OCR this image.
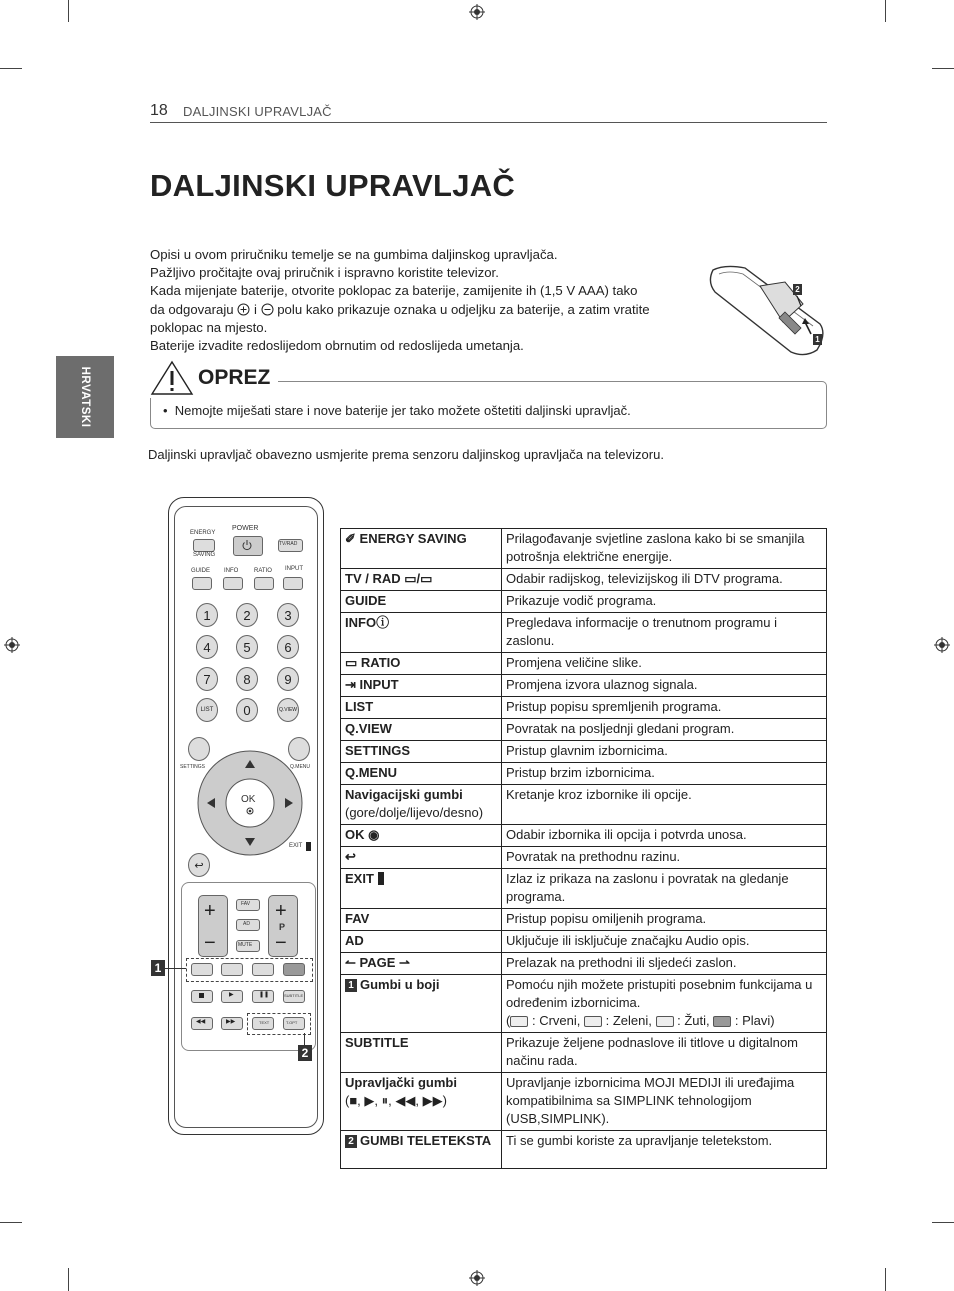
18 DALJINSKI UPRAVLJAČ
DALJINSKI UPRAVLJAČ
HRVATSKI

Opisi u ovom priručniku temelje se na gumbima daljinskog upravljača.

Pažljivo pročitajte ovaj priručnik i ispravno koristite televizor.

Kada mijenjate baterije, otvorite poklopac za baterije, zamijenite ih (1,5 V AAA) tako

da odgovaraju i polu kako prikazuje oznaka u odjeljku za baterije, a zatim vratite

poklopac na mjesto.

Baterije izvadite redoslijedom obrnutim od redoslijeda umetanja.

2
1
OPREZ
•  Nemojte miješati stare i nove baterije jer tako možete oštetiti daljinski upravljač.
Daljinski upravljač obavezno usmjerite prema senzoru daljinskog upravljača na televizoru.
ENERGY
SAVING
POWER
TV/RAD
GUIDE INFO	RATIO INPUT
1	2	3
4	5	6
7	8	9
LIST	0	Q.VIEW
SETTINGS	Q.MENU
OK
↩
EXIT
+
−
+
P
−
FAV
AD
MUTE
1
▶	❚❚	SUBTITLE
◀◀	▶▶	TEXT	T.OPT
2
✐ ENERGY SAVING	Prilagođavanje svjetline zaslona kako bi se smanjila potrošnja električne energije.
TV / RAD ▭/▭	Odabir radijskog, televizijskog ili DTV programa.
GUIDE	Prikazuje vodič programa.
INFOⓘ	Pregledava informacije o trenutnom programu i zaslonu.
▭ RATIO	Promjena veličine slike.
⇥ INPUT	Promjena izvora ulaznog signala.
LIST	Pristup popisu spremljenih programa.
Q.VIEW	Povratak na posljednji gledani program.
SETTINGS	Pristup glavnim izbornicima.
Q.MENU	Pristup brzim izbornicima.
Navigacijski gumbi
(gore/dolje/lijevo/desno)	Kretanje kroz izbornike ili opcije.
OK ◉	Odabir izbornika ili opcija i potvrda unosa.
↩	Povratak na prethodnu razinu.
EXIT	Izlaz iz prikaza na zaslonu i povratak na gledanje programa.
FAV	Pristup popisu omiljenih programa.
AD	Uključuje ili isključuje značajku Audio opis.
↼ PAGE ⇀	Prelazak na prethodni ili sljedeći zaslon.
1 Gumbi u boji	Pomoću njih možete pristupiti posebnim funkcijama u određenim izbornicima.
( : Crveni, : Zeleni, : Žuti, : Plavi)
SUBTITLE	Prikazuje željene podnaslove ili titlove u digitalnom načinu rada.
Upravljački gumbi
(■, ▶, ⏸, ◀◀, ▶▶)	Upravljanje izbornicima MOJI MEDIJI ili uređajima kompatibilnima sa SIMPLINK tehnologijom (USB,SIMPLINK).
2 GUMBI TELETEKSTA	Ti se gumbi koriste za upravljanje teletekstom.
